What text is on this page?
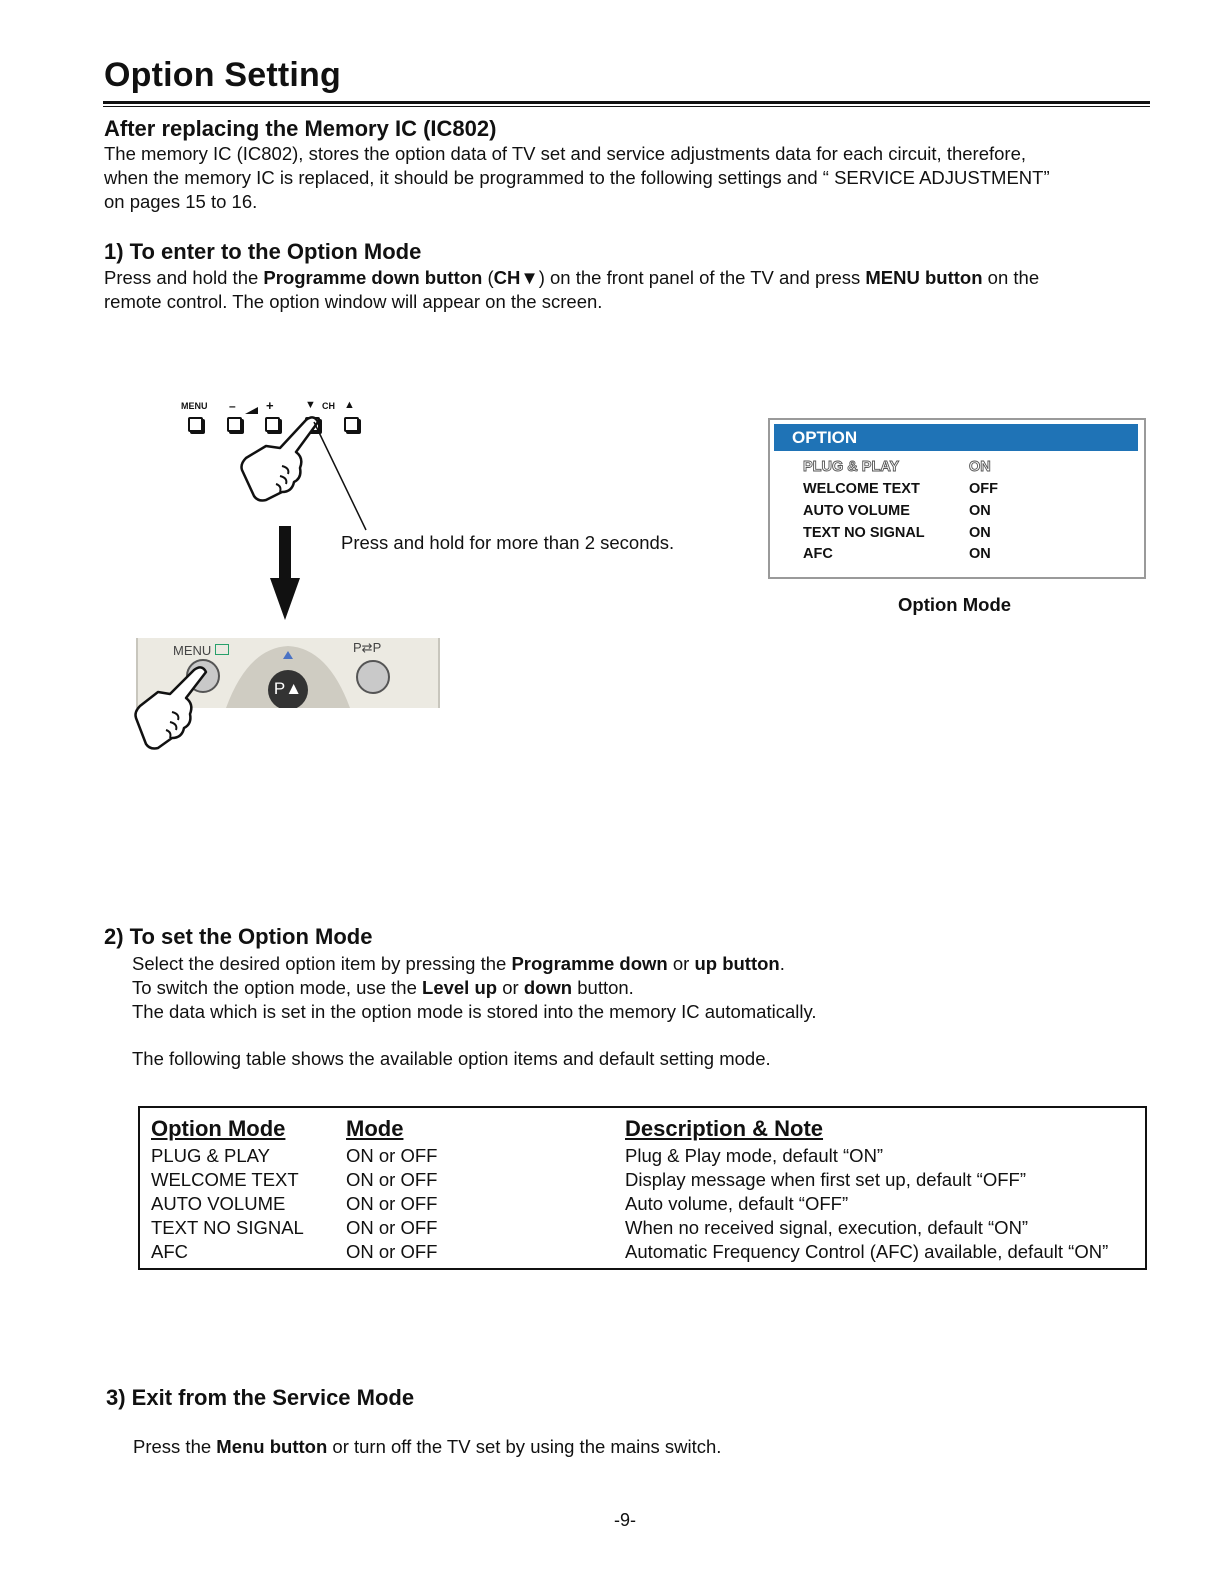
Option Setting
After replacing the Memory IC (IC802)

The memory IC (IC802), stores the option data of TV set and service adjustments data for each circuit, therefore,

when the memory IC is replaced, it should be programmed to the following settings and “ SERVICE ADJUSTMENT”

on pages 15 to 16.

1) To enter to the Option Mode

Press and hold the Programme down button (CH▼) on the front panel of the TV and press MENU button on the

remote control. The option window will appear on the screen.

MENU – +	▼ CH ▲
Press and hold for more than 2 seconds.
MENU
P▲
P⇄P
OPTION
PLUG & PLAY	ON
WELCOME TEXT	OFF
AUTO VOLUME	ON
TEXT NO SIGNAL	ON
AFC	ON
Option Mode
2) To set the Option Mode

Select the desired option item by pressing the Programme down or up button.

To switch the option mode, use the Level up or down button.

The data which is set in the option mode is stored into the memory IC automatically.

The following table shows the available option items and default setting mode.

Option Mode	Mode	Description & Note
PLUG & PLAY	ON or OFF	Plug & Play mode, default “ON”
WELCOME TEXT	ON or OFF	Display message when first set up, default “OFF”
AUTO VOLUME	ON or OFF	Auto volume, default “OFF”
TEXT NO SIGNAL ON or OFF	When no received signal, execution, default “ON”
AFC	ON or OFF	Automatic Frequency Control (AFC) available, default “ON”
3) Exit from the Service Mode

Press the Menu button or turn off the TV set by using the mains switch.

-9-
